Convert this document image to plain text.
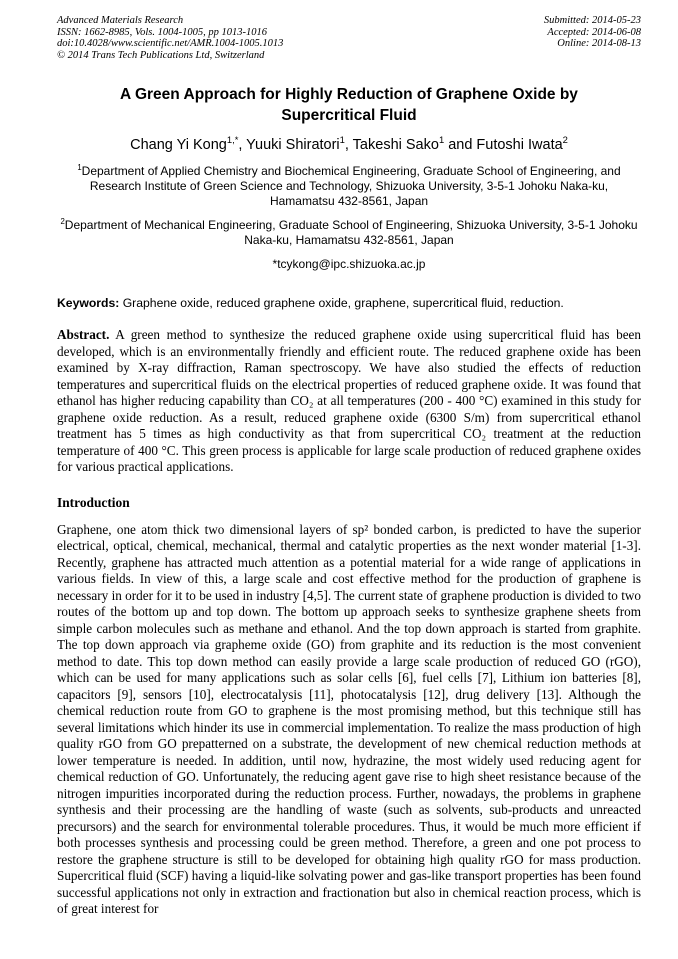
Advanced Materials Research
ISSN: 1662-8985, Vols. 1004-1005, pp 1013-1016
doi:10.4028/www.scientific.net/AMR.1004-1005.1013
© 2014 Trans Tech Publications Ltd, Switzerland
Submitted: 2014-05-23
Accepted: 2014-06-08
Online: 2014-08-13
A Green Approach for Highly Reduction of Graphene Oxide by
Supercritical Fluid
Chang Yi Kong$^{1,*}$, Yuuki Shiratori$^1$, Takeshi Sako$^1$ and Futoshi Iwata$^2$
$^1$Department of Applied Chemistry and Biochemical Engineering, Graduate School of Engineering, and Research Institute of Green Science and Technology, Shizuoka University, 3-5-1 Johoku Naka-ku, Hamamatsu 432-8561, Japan
$^2$Department of Mechanical Engineering, Graduate School of Engineering, Shizuoka University, 3-5-1 Johoku Naka-ku, Hamamatsu 432-8561, Japan
*tcykong@ipc.shizuoka.ac.jp

Keywords: Graphene oxide, reduced graphene oxide, graphene, supercritical fluid, reduction.

Abstract. A green method to synthesize the reduced graphene oxide using supercritical fluid has been developed, which is an environmentally friendly and efficient route. The reduced graphene oxide has been examined by X-ray diffraction, Raman spectroscopy. We have also studied the effects of reduction temperatures and supercritical fluids on the electrical properties of reduced graphene oxide. It was found that ethanol has higher reducing capability than CO₂ at all temperatures (200 - 400 °C) examined in this study for graphene oxide reduction. As a result, reduced graphene oxide (6300 S/m) from supercritical ethanol treatment has 5 times as high conductivity as that from supercritical CO₂ treatment at the reduction temperature of 400 °C. This green process is applicable for large scale production of reduced graphene oxides for various practical applications.

Introduction

Graphene, one atom thick two dimensional layers of sp² bonded carbon, is predicted to have the superior electrical, optical, chemical, mechanical, thermal and catalytic properties as the next wonder material [1-3]. Recently, graphene has attracted much attention as a potential material for a wide range of applications in various fields. In view of this, a large scale and cost effective method for the production of graphene is necessary in order for it to be used in industry [4,5]. The current state of graphene production is divided to two routes of the bottom up and top down. The bottom up approach seeks to synthesize graphene sheets from simple carbon molecules such as methane and ethanol. And the top down approach is started from graphite. The top down approach via grapheme oxide (GO) from graphite and its reduction is the most convenient method to date. This top down method can easily provide a large scale production of reduced GO (rGO), which can be used for many applications such as solar cells [6], fuel cells [7], Lithium ion batteries [8], capacitors [9], sensors [10], electrocatalysis [11], photocatalysis [12], drug delivery [13]. Although the chemical reduction route from GO to graphene is the most promising method, but this technique still has several limitations which hinder its use in commercial implementation. To realize the mass production of high quality rGO from GO prepatterned on a substrate, the development of new chemical reduction methods at lower temperature is needed. In addition, until now, hydrazine, the most widely used reducing agent for chemical reduction of GO. Unfortunately, the reducing agent gave rise to high sheet resistance because of the nitrogen impurities incorporated during the reduction process. Further, nowadays, the problems in graphene synthesis and their processing are the handling of waste (such as solvents, sub-products and unreacted precursors) and the search for environmental tolerable procedures. Thus, it would be much more efficient if both processes synthesis and processing could be green method. Therefore, a green and one pot process to restore the graphene structure is still to be developed for obtaining high quality rGO for mass production. Supercritical fluid (SCF) having a liquid-like solvating power and gas-like transport properties has been found successful applications not only in extraction and fractionation but also in chemical reaction process, which is of great interest for
